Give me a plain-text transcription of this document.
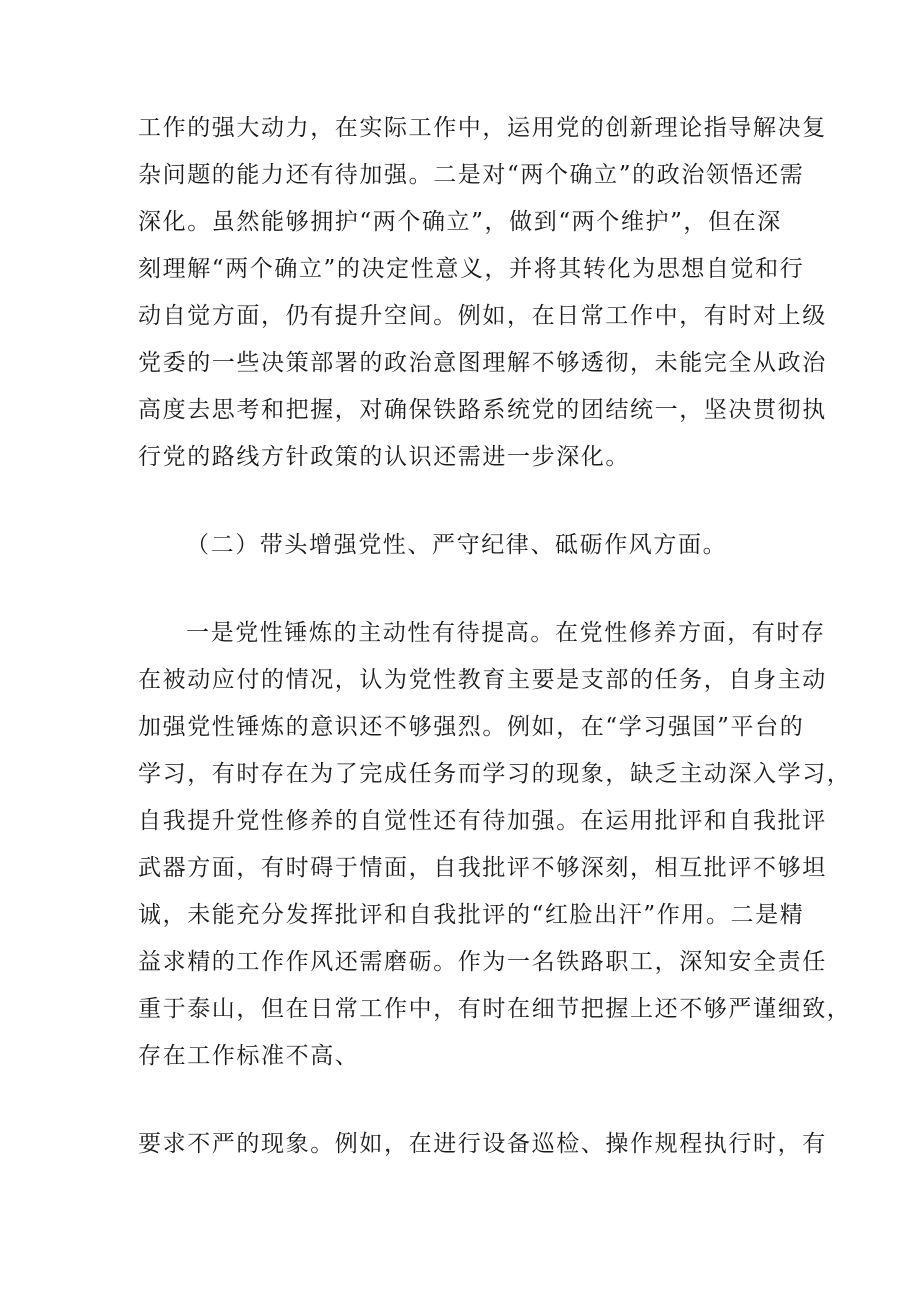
工作的强大动力，在实际工作中，运用党的创新理论指导解决复
杂问题的能力还有待加强。二是对“两个确立”的政治领悟还需
深化。虽然能够拥护“两个确立”，做到“两个维护”，但在深
刻理解“两个确立”的决定性意义，并将其转化为思想自觉和行
动自觉方面，仍有提升空间。例如，在日常工作中，有时对上级
党委的一些决策部署的政治意图理解不够透彻，未能完全从政治
高度去思考和把握，对确保铁路系统党的团结统一，坚决贯彻执
行党的路线方针政策的认识还需进一步深化。
（二）带头增强党性、严守纪律、砥砺作风方面。
一是党性锤炼的主动性有待提高。在党性修养方面，有时存
在被动应付的情况，认为党性教育主要是支部的任务，自身主动
加强党性锤炼的意识还不够强烈。例如，在“学习强国”平台的
学习，有时存在为了完成任务而学习的现象，缺乏主动深入学习，
自我提升党性修养的自觉性还有待加强。在运用批评和自我批评
武器方面，有时碍于情面，自我批评不够深刻，相互批评不够坦
诚，未能充分发挥批评和自我批评的“红脸出汗”作用。二是精
益求精的工作作风还需磨砺。作为一名铁路职工，深知安全责任
重于泰山，但在日常工作中，有时在细节把握上还不够严谨细致，
存在工作标准不高、
要求不严的现象。例如，在进行设备巡检、操作规程执行时，有
